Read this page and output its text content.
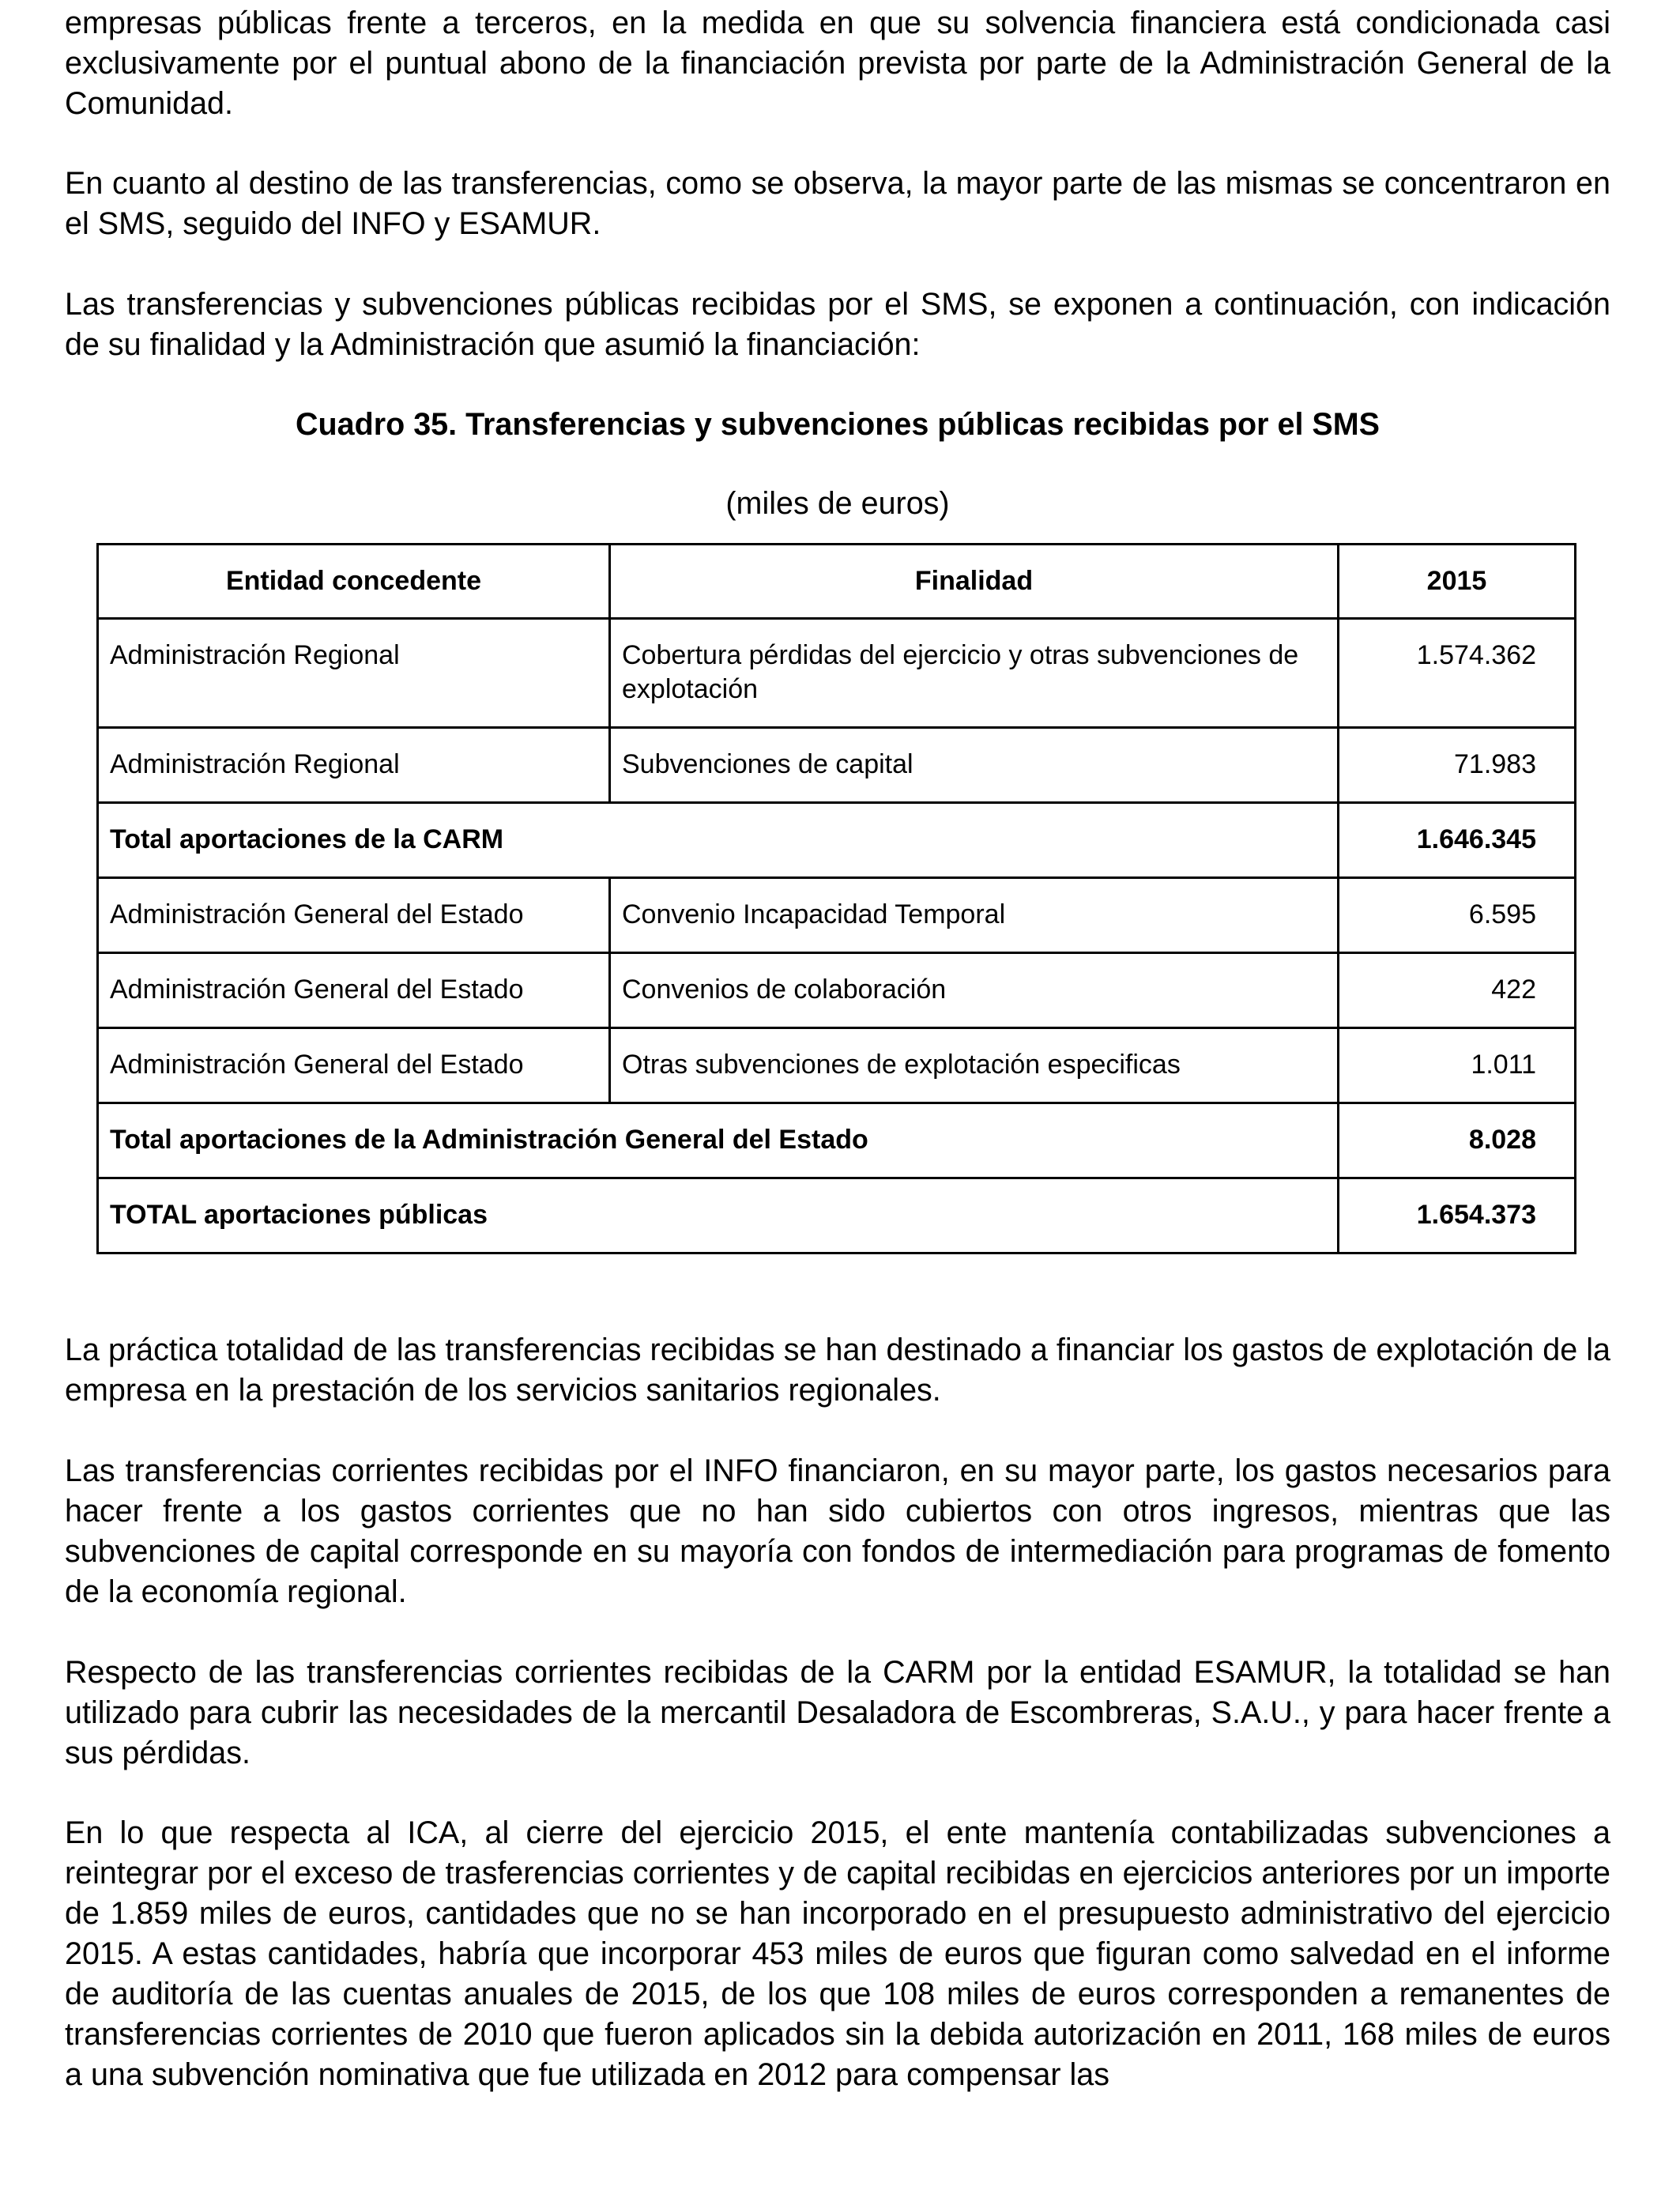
empresas públicas frente a terceros, en la medida en que su solvencia financiera está condicionada casi exclusivamente por el puntual abono de la financiación prevista por parte de la Administración General de la Comunidad.

En cuanto al destino de las transferencias, como se observa, la mayor parte de las mismas se concentraron en el SMS, seguido del INFO y ESAMUR.

Las transferencias y subvenciones públicas recibidas por el SMS, se exponen a continuación, con indicación de su finalidad y la Administración que asumió la financiación:

Cuadro 35. Transferencias y subvenciones públicas recibidas por el SMS

(miles de euros)

Entidad concedente	Finalidad	2015
Administración Regional	Cobertura pérdidas del ejercicio y otras subvenciones de explotación	1.574.362
Administración Regional	Subvenciones de capital	71.983
Total aportaciones de la CARM		1.646.345
Administración General del Estado	Convenio Incapacidad Temporal	6.595
Administración General del Estado	Convenios de colaboración	422
Administración General del Estado	Otras subvenciones de explotación especificas	1.011
Total aportaciones de la Administración General del Estado		8.028
TOTAL aportaciones públicas		1.654.373

La práctica totalidad de las transferencias recibidas se han destinado a financiar los gastos de explotación de la empresa en la prestación de los servicios sanitarios regionales.

Las transferencias corrientes recibidas por el INFO financiaron, en su mayor parte, los gastos necesarios para hacer frente a los gastos corrientes que no han sido cubiertos con otros ingresos, mientras que las subvenciones de capital corresponde en su mayoría con fondos de intermediación para programas de fomento de la economía regional.

Respecto de las transferencias corrientes recibidas de la CARM por la entidad ESAMUR, la totalidad se han utilizado para cubrir las necesidades de la mercantil Desaladora de Escombreras, S.A.U., y para hacer frente a sus pérdidas.

En lo que respecta al ICA, al cierre del ejercicio 2015, el ente mantenía contabilizadas subvenciones a reintegrar por el exceso de trasferencias corrientes y de capital recibidas en ejercicios anteriores por un importe de 1.859 miles de euros, cantidades que no se han incorporado en el presupuesto administrativo del ejercicio 2015. A estas cantidades, habría que incorporar 453 miles de euros que figuran como salvedad en el informe de auditoría de las cuentas anuales de 2015, de los que 108 miles de euros corresponden a remanentes de transferencias corrientes de 2010 que fueron aplicados sin la debida autorización en 2011, 168 miles de euros a una subvención nominativa que fue utilizada en 2012 para compensar las
